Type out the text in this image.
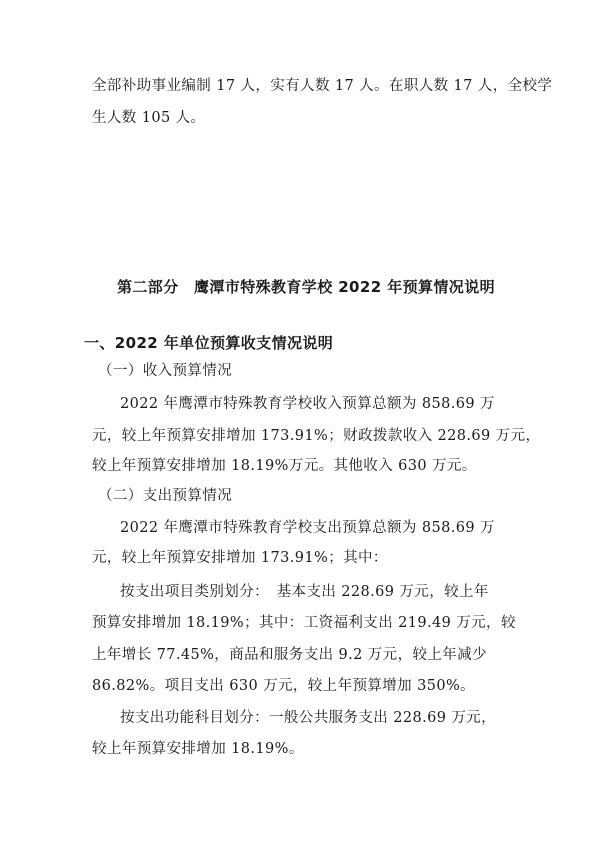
全部补助事业编制 17 人，实有人数 17 人。在职人数 17 人，全校学
生人数 105 人。
第二部分　鹰潭市特殊教育学校 2022 年预算情况说明
一、2022 年单位预算收支情况说明
（一）收入预算情况
2022 年鹰潭市特殊教育学校收入预算总额为 858.69 万
元，较上年预算安排增加 173.91%；财政拨款收入 228.69 万元，
较上年预算安排增加 18.19%万元。其他收入 630 万元。
（二）支出预算情况
2022 年鹰潭市特殊教育学校支出预算总额为 858.69 万
元，较上年预算安排增加 173.91%；其中：
按支出项目类别划分：　基本支出 228.69 万元，较上年
预算安排增加 18.19%；其中：工资福利支出 219.49 万元，较
上年增长 77.45%，商品和服务支出 9.2 万元，较上年减少
86.82%。项目支出 630 万元，较上年预算增加 350%。
按支出功能科目划分：一般公共服务支出 228.69 万元，
较上年预算安排增加 18.19%。
